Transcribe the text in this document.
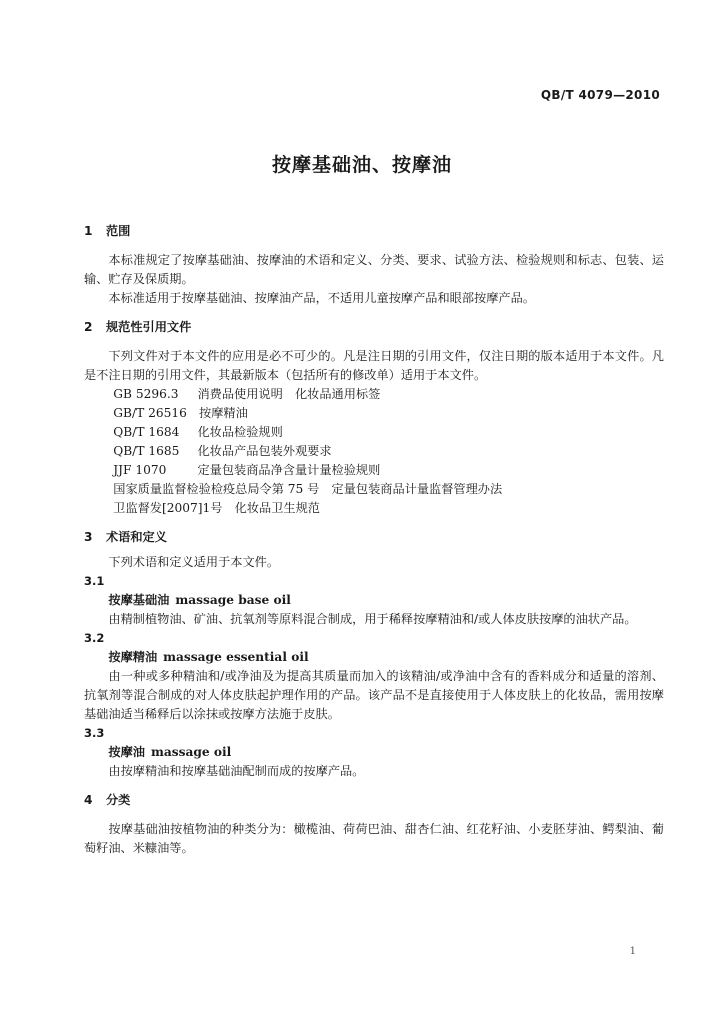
QB/T 4079—2010
按摩基础油、按摩油

1 范围

本标准规定了按摩基础油、按摩油的术语和定义、分类、要求、试验方法、检验规则和标志、包装、运输、贮存及保质期。

本标准适用于按摩基础油、按摩油产品，不适用儿童按摩产品和眼部按摩产品。

2 规范性引用文件

下列文件对于本文件的应用是必不可少的。凡是注日期的引用文件，仅注日期的版本适用于本文件。凡是不注日期的引用文件，其最新版本（包括所有的修改单）适用于本文件。

GB 5296.3　 消费品使用说明　化妆品通用标签

GB/T 26516　 按摩精油

QB/T 1684　 化妆品检验规则

QB/T 1685　 化妆品产品包装外观要求

JJF 1070　	定量包装商品净含量计量检验规则

国家质量监督检验检疫总局令第 75 号　 定量包装商品计量监督管理办法

卫监督发[2007]1号　 化妆品卫生规范

3 术语和定义

下列术语和定义适用于本文件。

3.1

按摩基础油 massage base oil

由精制植物油、矿油、抗氧剂等原料混合制成，用于稀释按摩精油和/或人体皮肤按摩的油状产品。

3.2

按摩精油 massage essential oil

由一种或多种精油和/或净油及为提高其质量而加入的该精油/或净油中含有的香料成分和适量的溶剂、抗氧剂等混合制成的对人体皮肤起护理作用的产品。该产品不是直接使用于人体皮肤上的化妆品，需用按摩基础油适当稀释后以涂抹或按摩方法施于皮肤。

3.3

按摩油 massage oil

由按摩精油和按摩基础油配制而成的按摩产品。

4 分类

按摩基础油按植物油的种类分为：橄榄油、荷荷巴油、甜杏仁油、红花籽油、小麦胚芽油、鳄梨油、葡萄籽油、米糠油等。

1
